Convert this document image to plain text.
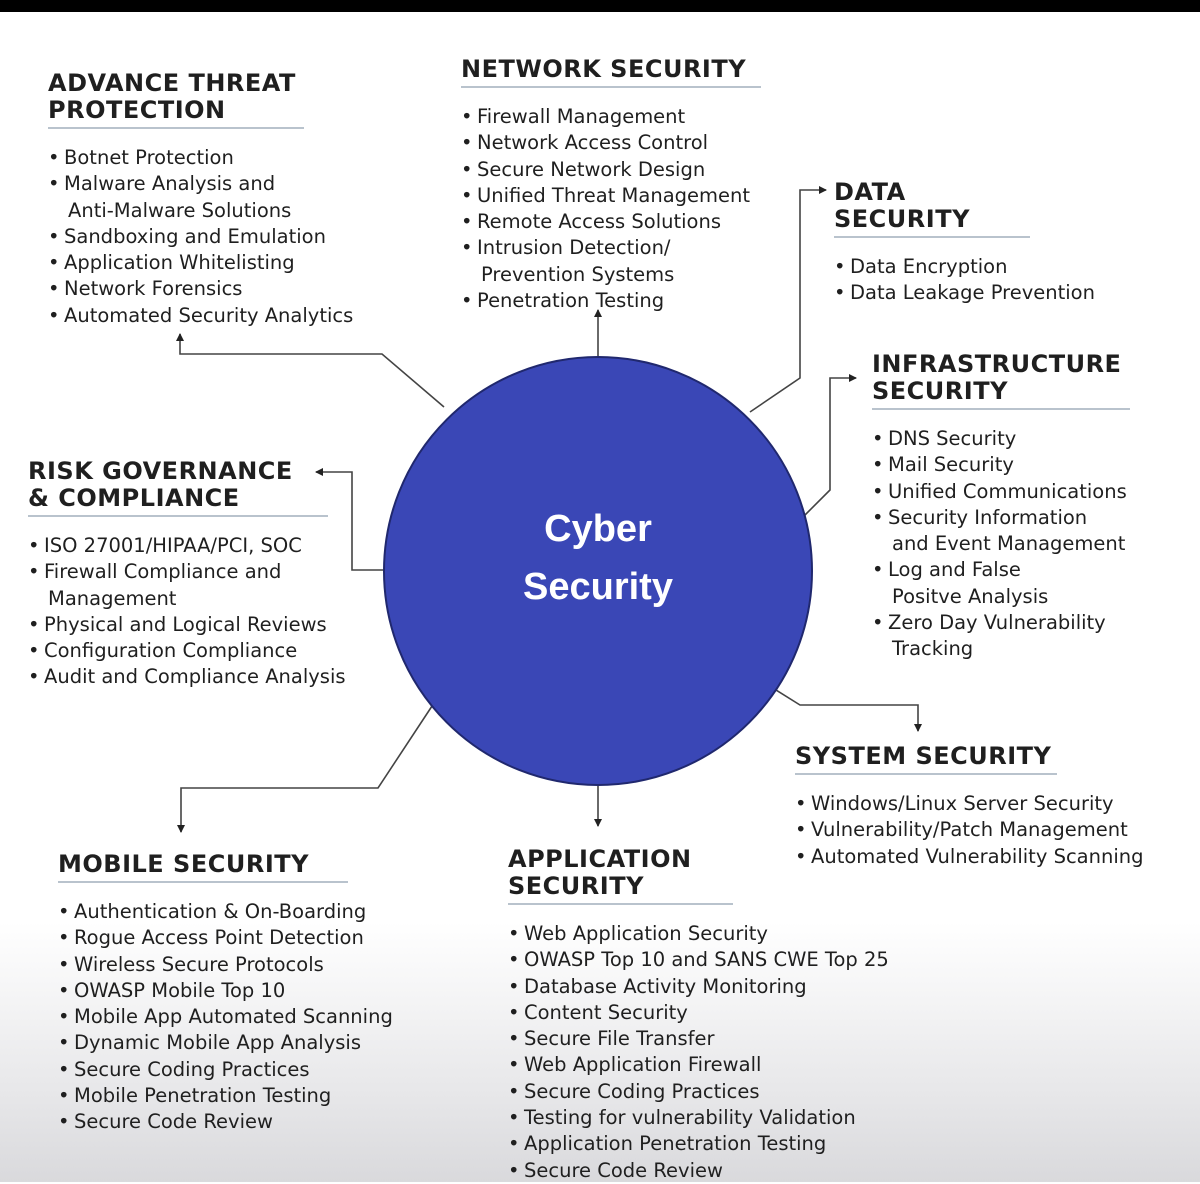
Cyber
Security
ADVANCE THREAT
PROTECTION
• Botnet Protection
• Malware Analysis and
Anti-Malware Solutions
• Sandboxing and Emulation
• Application Whitelisting
• Network Forensics
• Automated Security Analytics
NETWORK SECURITY
• Firewall Management
• Network Access Control
• Secure Network Design
• Unified Threat Management
• Remote Access Solutions
• Intrusion Detection/
Prevention Systems
• Penetration Testing
DATA SECURITY
• Data Encryption
• Data Leakage Prevention
INFRASTRUCTURE
SECURITY
• DNS Security
• Mail Security
• Unified Communications
• Security Information
and Event Management
• Log and False
Positve Analysis
• Zero Day Vulnerability
Tracking
RISK GOVERNANCE
& COMPLIANCE
• ISO 27001/HIPAA/PCI, SOC
• Firewall Compliance and
Management
• Physical and Logical Reviews
• Configuration Compliance
• Audit and Compliance Analysis
SYSTEM SECURITY
• Windows/Linux Server Security
• Vulnerability/Patch Management
• Automated Vulnerability Scanning
MOBILE SECURITY
• Authentication & On-Boarding
• Rogue Access Point Detection
• Wireless Secure Protocols
• OWASP Mobile Top 10
• Mobile App Automated Scanning
• Dynamic Mobile App Analysis
• Secure Coding Practices
• Mobile Penetration Testing
• Secure Code Review
APPLICATION
SECURITY
• Web Application Security
• OWASP Top 10 and SANS CWE Top 25
• Database Activity Monitoring
• Content Security
• Secure File Transfer
• Web Application Firewall
• Secure Coding Practices
• Testing for vulnerability Validation
• Application Penetration Testing
• Secure Code Review
